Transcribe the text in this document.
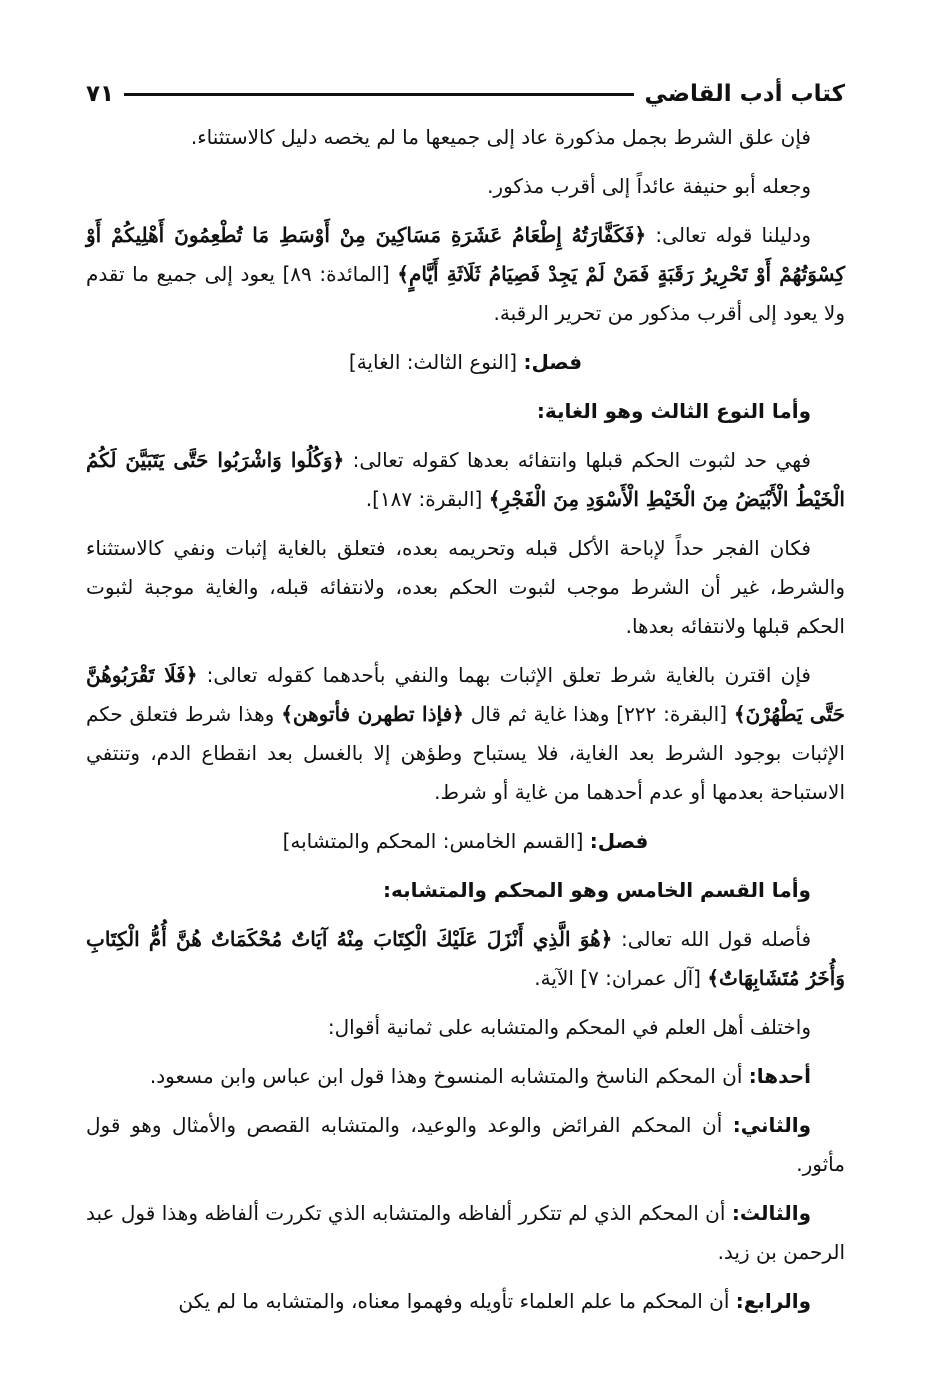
كتاب أدب القاضي
٧١

فإن علق الشرط بجمل مذكورة عاد إلى جميعها ما لم يخصه دليل كالاستثناء.

وجعله أبو حنيفة عائداً إلى أقرب مذكور.

ودليلنا قوله تعالى: ﴿فَكَفَّارَتُهُ إِطْعَامُ عَشَرَةِ مَسَاكِينَ مِنْ أَوْسَطِ مَا تُطْعِمُونَ أَهْلِيكُمْ أَوْ كِسْوَتُهُمْ أَوْ تَحْرِيرُ رَقَبَةٍ فَمَنْ لَمْ يَجِدْ فَصِيَامُ ثَلَاثَةِ أَيَّامٍ﴾ [المائدة: ٨٩] يعود إلى جميع ما تقدم ولا يعود إلى أقرب مذكور من تحرير الرقبة.

فصل: [النوع الثالث: الغاية]

وأما النوع الثالث وهو الغاية:

فهي حد لثبوت الحكم قبلها وانتفائه بعدها كقوله تعالى: ﴿وَكُلُوا وَاشْرَبُوا حَتَّى يَتَبَيَّنَ لَكُمُ الْخَيْطُ الْأَبْيَضُ مِنَ الْخَيْطِ الْأَسْوَدِ مِنَ الْفَجْرِ﴾ [البقرة: ١٨٧].

فكان الفجر حداً لإباحة الأكل قبله وتحريمه بعده، فتعلق بالغاية إثبات ونفي كالاستثناء والشرط، غير أن الشرط موجب لثبوت الحكم بعده، ولانتفائه قبله، والغاية موجبة لثبوت الحكم قبلها ولانتفائه بعدها.

فإن اقترن بالغاية شرط تعلق الإثبات بهما والنفي بأحدهما كقوله تعالى: ﴿فَلَا تَقْرَبُوهُنَّ حَتَّى يَطْهُرْنَ﴾ [البقرة: ٢٢٢] وهذا غاية ثم قال ﴿فإذا تطهرن فأتوهن﴾ وهذا شرط فتعلق حكم الإثبات بوجود الشرط بعد الغاية، فلا يستباح وطؤهن إلا بالغسل بعد انقطاع الدم، وتنتفي الاستباحة بعدمها أو عدم أحدهما من غاية أو شرط.

فصل: [القسم الخامس: المحكم والمتشابه]

وأما القسم الخامس وهو المحكم والمتشابه:

فأصله قول الله تعالى: ﴿هُوَ الَّذِي أَنْزَلَ عَلَيْكَ الْكِتَابَ مِنْهُ آيَاتٌ مُحْكَمَاتٌ هُنَّ أُمُّ الْكِتَابِ وَأُخَرُ مُتَشَابِهَاتٌ﴾ [آل عمران: ٧] الآية.

واختلف أهل العلم في المحكم والمتشابه على ثمانية أقوال:

أحدها: أن المحكم الناسخ والمتشابه المنسوخ وهذا قول ابن عباس وابن مسعود.

والثاني: أن المحكم الفرائض والوعد والوعيد، والمتشابه القصص والأمثال وهو قول مأثور.

والثالث: أن المحكم الذي لم تتكرر ألفاظه والمتشابه الذي تكررت ألفاظه وهذا قول عبد الرحمن بن زيد.

والرابع: أن المحكم ما علم العلماء تأويله وفهموا معناه، والمتشابه ما لم يكن
